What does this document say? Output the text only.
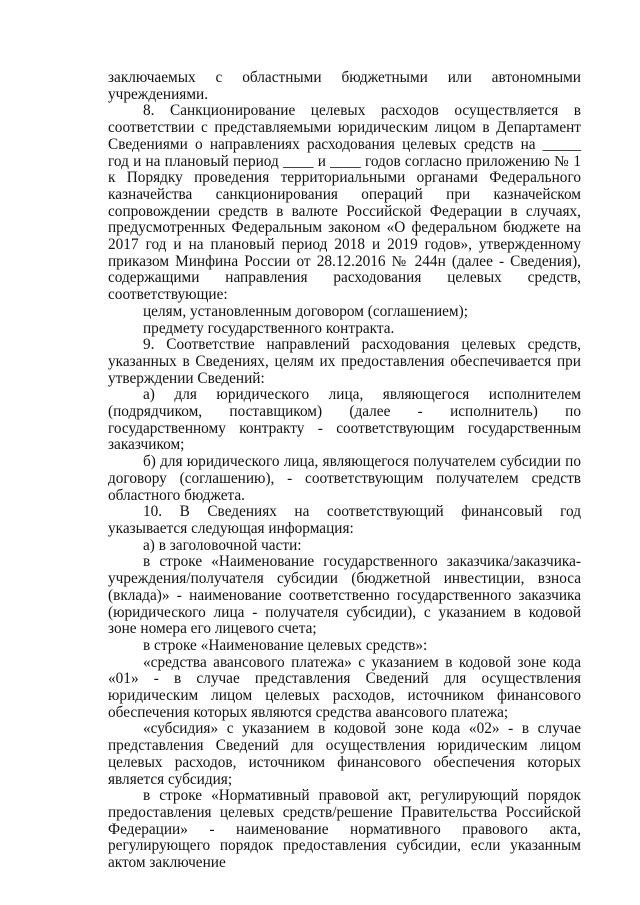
заключаемых с областными бюджетными или автономными учреждениями.

8. Санкционирование целевых расходов осуществляется в соответствии с представляемыми юридическим лицом в Департамент Сведениями о направлениях расходования целевых средств на _____ год и на плановый период ____ и ____ годов согласно приложению № 1 к Порядку проведения территориальными органами Федерального казначейства санкционирования операций при казначейском сопровождении средств в валюте Российской Федерации в случаях, предусмотренных Федеральным законом «О федеральном бюджете на 2017 год и на плановый период 2018 и 2019 годов», утвержденному приказом Минфина России от 28.12.2016 № 244н (далее - Сведения), содержащими направления расходования целевых средств, соответствующие:

целям, установленным договором (соглашением);

предмету государственного контракта.

9. Соответствие направлений расходования целевых средств, указанных в Сведениях, целям их предоставления обеспечивается при утверждении Сведений:

а) для юридического лица, являющегося исполнителем (подрядчиком, поставщиком) (далее - исполнитель) по государственному контракту - соответствующим государственным заказчиком;

б) для юридического лица, являющегося получателем субсидии по договору (соглашению), - соответствующим получателем средств областного бюджета.

10. В Сведениях на соответствующий финансовый год указывается следующая информация:

а) в заголовочной части:

в строке «Наименование государственного заказчика/заказчика-учреждения/получателя субсидии (бюджетной инвестиции, взноса (вклада)» - наименование соответственно государственного заказчика (юридического лица - получателя субсидии), с указанием в кодовой зоне номера его лицевого счета;

в строке «Наименование целевых средств»:

«средства авансового платежа» с указанием в кодовой зоне кода «01» - в случае представления Сведений для осуществления юридическим лицом целевых расходов, источником финансового обеспечения которых являются средства авансового платежа;

«субсидия» с указанием в кодовой зоне кода «02» - в случае представления Сведений для осуществления юридическим лицом целевых расходов, источником финансового обеспечения которых является субсидия;

в строке «Нормативный правовой акт, регулирующий порядок предоставления целевых средств/решение Правительства Российской Федерации» - наименование нормативного правового акта, регулирующего порядок предоставления субсидии, если указанным актом заключение
